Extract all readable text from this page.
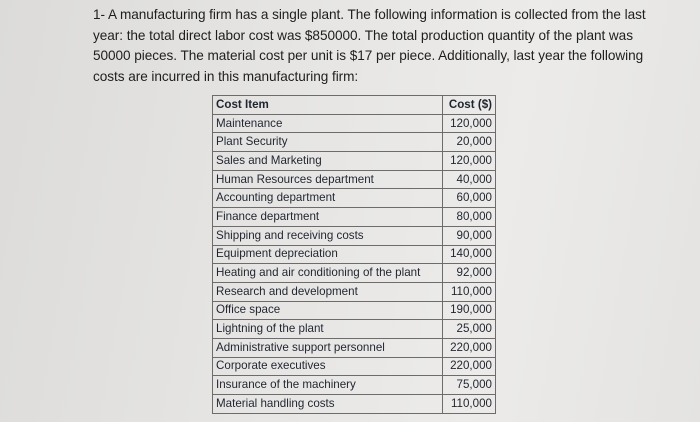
1- A manufacturing firm has a single plant. The following information is collected from the last year: the total direct labor cost was $850000. The total production quantity of the plant was 50000 pieces. The material cost per unit is $17 per piece. Additionally, last year the following costs are incurred in this manufacturing firm:

Cost Item	Cost ($)
Maintenance	120,000
Plant Security	20,000
Sales and Marketing	120,000
Human Resources department	40,000
Accounting department	60,000
Finance department	80,000
Shipping and receiving costs	90,000
Equipment depreciation	140,000
Heating and air conditioning of the plant	92,000
Research and development	110,000
Office space	190,000
Lightning of the plant	25,000
Administrative support personnel	220,000
Corporate executives	220,000
Insurance of the machinery	75,000
Material handling costs	110,000
